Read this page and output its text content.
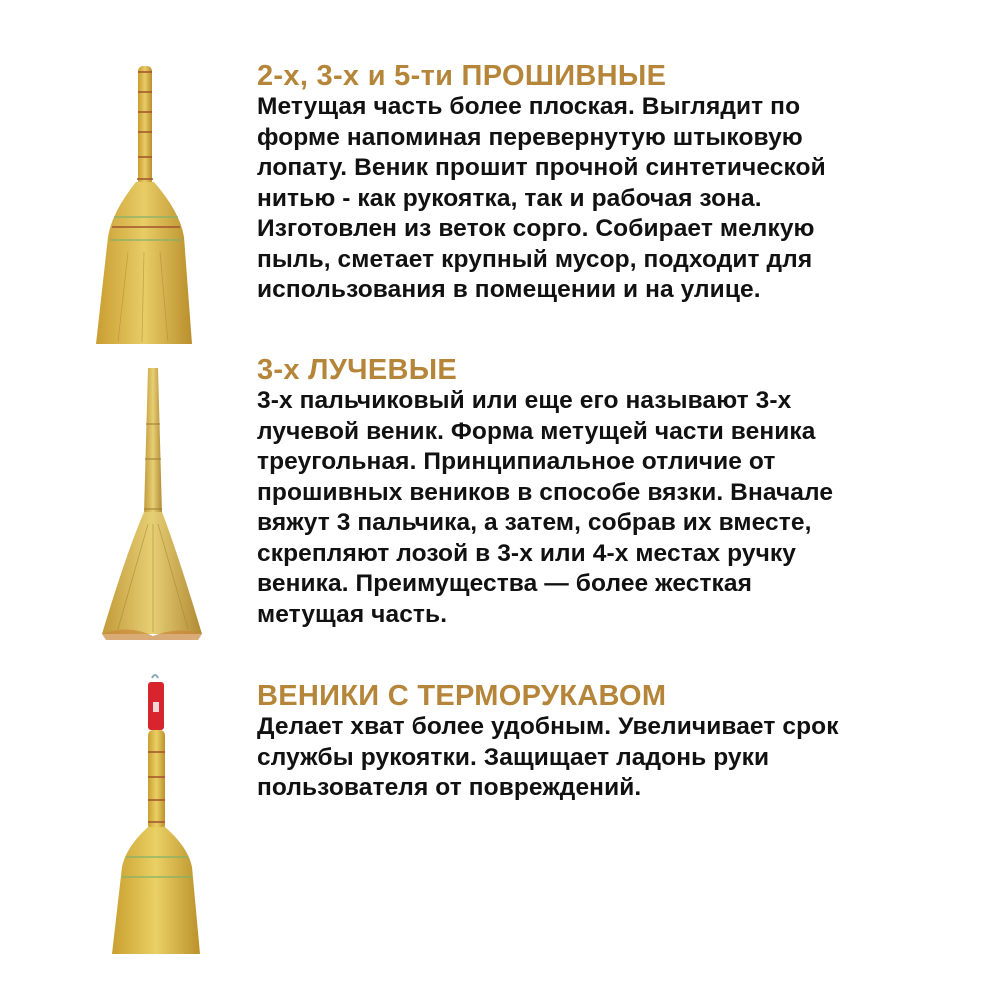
2-х, 3-х и 5-ти ПРОШИВНЫЕ
Метущая часть более плоская. Выглядит по
форме напоминая перевернутую штыковую
лопату. Веник прошит прочной синтетической
нитью - как рукоятка, так и рабочая зона.
Изготовлен из веток сорго. Собирает мелкую
пыль, сметает крупный мусор, подходит для
использования в помещении и на улице.
3-х ЛУЧЕВЫЕ
3-х пальчиковый или еще его называют 3-х
лучевой веник. Форма метущей части веника
треугольная. Принципиальное отличие от
прошивных веников в способе вязки. Вначале
вяжут 3 пальчика, а затем, собрав их вместе,
скрепляют лозой в 3-х или 4-х местах ручку
веника. Преимущества — более жесткая
метущая часть.
ВЕНИКИ С ТЕРМОРУКАВОМ
Делает хват более удобным. Увеличивает срок
службы рукоятки. Защищает ладонь руки
пользователя от повреждений.
